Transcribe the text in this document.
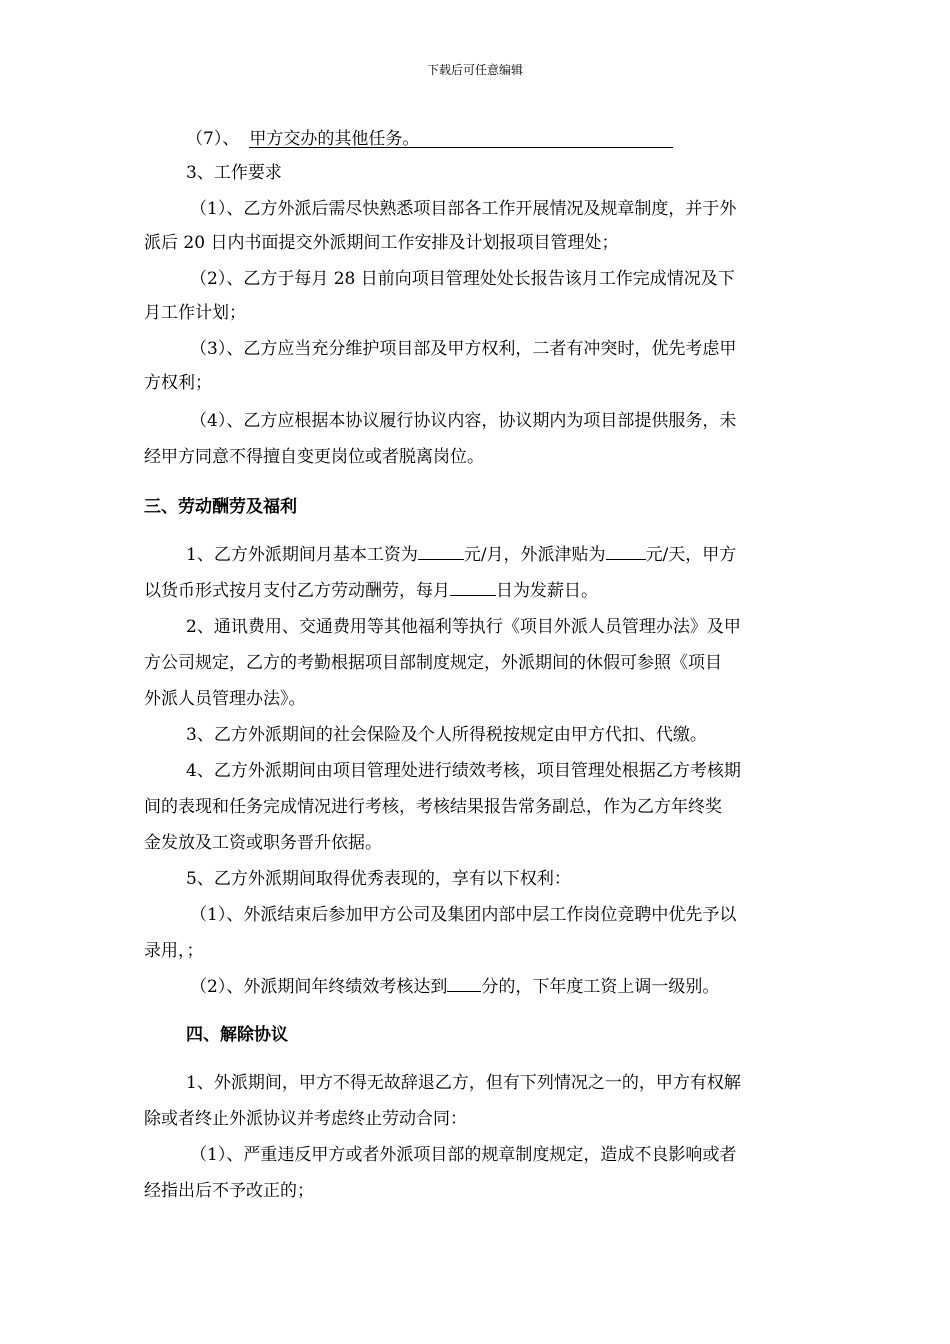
下载后可任意编辑
（7）、 甲方交办的其他任务。
3、工作要求
（1）、乙方外派后需尽快熟悉项目部各工作开展情况及规章制度，并于外
派后 20 日内书面提交外派期间工作安排及计划报项目管理处；
（2）、乙方于每月 28 日前向项目管理处处长报告该月工作完成情况及下
月工作计划；
（3）、乙方应当充分维护项目部及甲方权利，二者有冲突时，优先考虑甲
方权利；
（4）、乙方应根据本协议履行协议内容，协议期内为项目部提供服务，未
经甲方同意不得擅自变更岗位或者脱离岗位。
三、劳动酬劳及福利
1、乙方外派期间月基本工资为	元/月，外派津贴为 元/天，甲方
以货币形式按月支付乙方劳动酬劳，每月	日为发薪日。
2、通讯费用、交通费用等其他福利等执行《项目外派人员管理办法》及甲
方公司规定，乙方的考勤根据项目部制度规定，外派期间的休假可参照《项目
外派人员管理办法》。
3、乙方外派期间的社会保险及个人所得税按规定由甲方代扣、代缴。
4、乙方外派期间由项目管理处进行绩效考核，项目管理处根据乙方考核期
间的表现和任务完成情况进行考核，考核结果报告常务副总，作为乙方年终奖
金发放及工资或职务晋升依据。
5、乙方外派期间取得优秀表现的，享有以下权利：
（1）、外派结束后参加甲方公司及集团内部中层工作岗位竞聘中优先予以
录用，；
（2）、外派期间年终绩效考核达到 分的，下年度工资上调一级别。
四、解除协议
1、外派期间，甲方不得无故辞退乙方，但有下列情况之一的，甲方有权解
除或者终止外派协议并考虑终止劳动合同：
（1）、严重违反甲方或者外派项目部的规章制度规定，造成不良影响或者
经指出后不予改正的；
